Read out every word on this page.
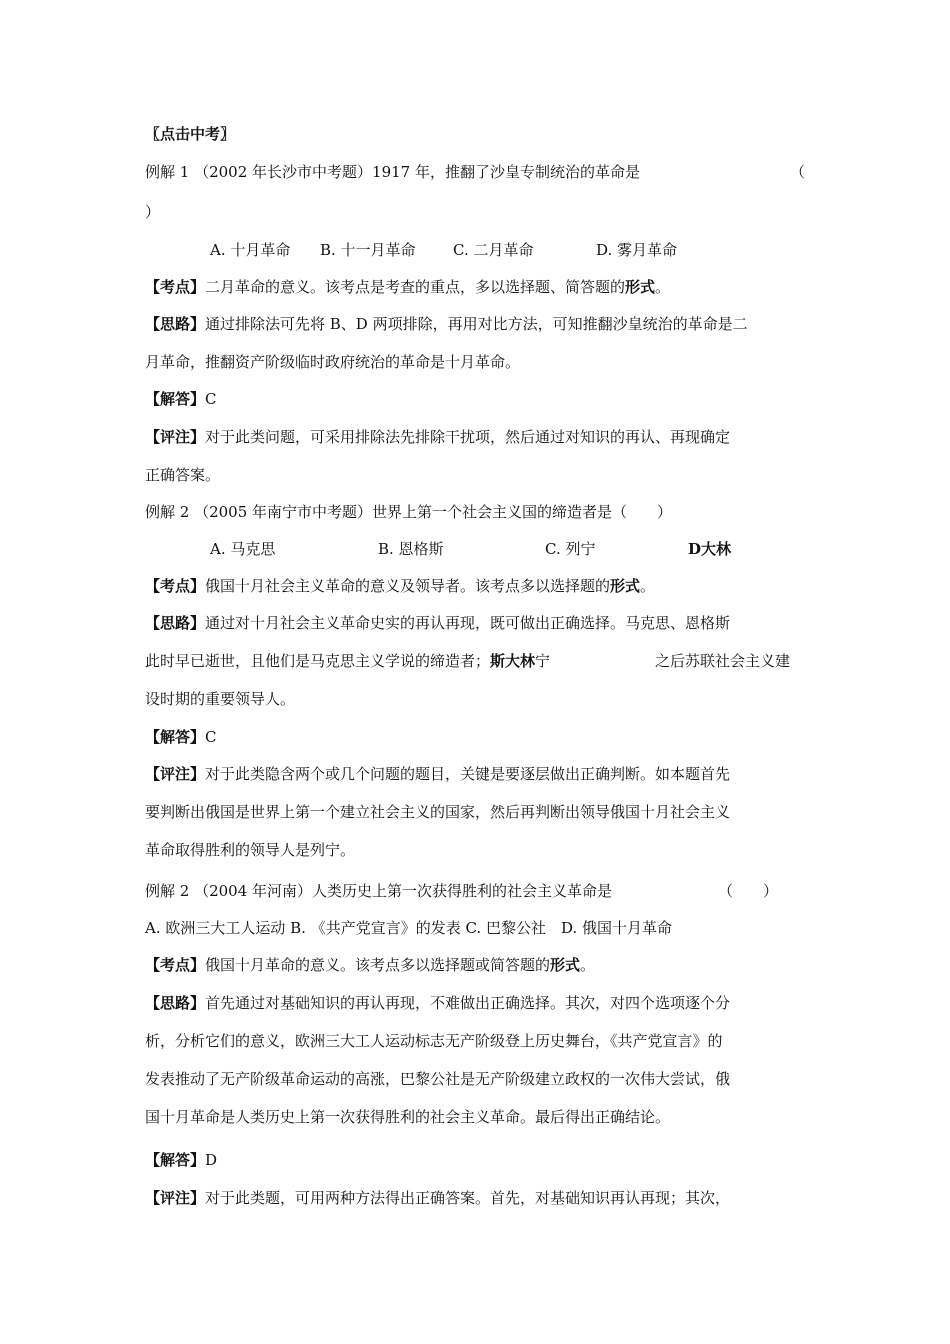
〖点击中考〗
例解 1 （2002 年长沙市中考题）1917 年，推翻了沙皇专制统治的革命是	（
）
A. 十月革命 B. 十一月革命 C. 二月革命	D. 雾月革命
【考点】二月革命的意义。该考点是考查的重点，多以选择题、简答题的形式。
【思路】通过排除法可先将 B、D 两项排除，再用对比方法，可知推翻沙皇统治的革命是二
月革命，推翻资产阶级临时政府统治的革命是十月革命。
【解答】C
【评注】对于此类问题，可采用排除法先排除干扰项，然后通过对知识的再认、再现确定
正确答案。
例解 2 （2005 年南宁市中考题）世界上第一个社会主义国的缔造者是（　　）
A. 马克思	B. 恩格斯	C. 列宁	D大林
【考点】俄国十月社会主义革命的意义及领导者。该考点多以选择题的形式。
【思路】通过对十月社会主义革命史实的再认再现，既可做出正确选择。马克思、恩格斯
此时早已逝世，且他们是马克思主义学说的缔造者；斯大林宁	之后苏联社会主义建
设时期的重要领导人。
【解答】C
【评注】对于此类隐含两个或几个问题的题目，关键是要逐层做出正确判断。如本题首先
要判断出俄国是世界上第一个建立社会主义的国家，然后再判断出领导俄国十月社会主义
革命取得胜利的领导人是列宁。
例解 2 （2004 年河南）人类历史上第一次获得胜利的社会主义革命是	（　　）
A. 欧洲三大工人运动 B. 《共产党宣言》的发表 C. 巴黎公社　D. 俄国十月革命
【考点】俄国十月革命的意义。该考点多以选择题或简答题的形式。
【思路】首先通过对基础知识的再认再现，不难做出正确选择。其次，对四个选项逐个分
析，分析它们的意义，欧洲三大工人运动标志无产阶级登上历史舞台，《共产党宣言》的
发表推动了无产阶级革命运动的高涨，巴黎公社是无产阶级建立政权的一次伟大尝试，俄
国十月革命是人类历史上第一次获得胜利的社会主义革命。最后得出正确结论。
【解答】D
【评注】对于此类题，可用两种方法得出正确答案。首先，对基础知识再认再现；其次，
